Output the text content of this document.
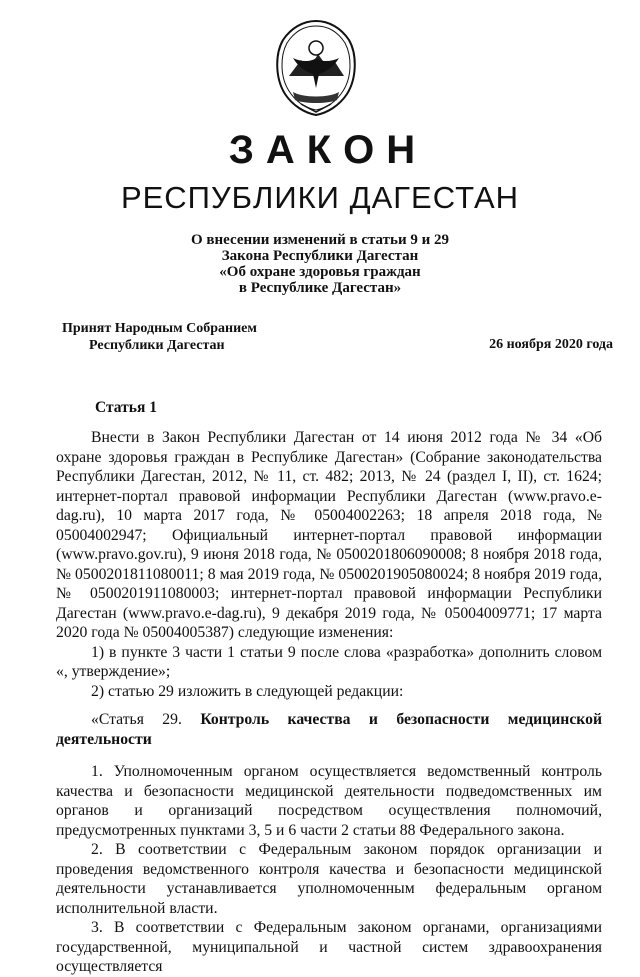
ЗАКОН
РЕСПУБЛИКИ ДАГЕСТАН
О внесении изменений в статьи 9 и 29
Закона Республики Дагестан
«Об охране здоровья граждан
в Республике Дагестан»
Принят Народным Собранием
Республики Дагестан	26 ноября 2020 года
Статья 1

Внести в Закон Республики Дагестан от 14 июня 2012 года № 34 «Об охране здоровья граждан в Республике Дагестан» (Собрание законодательства Республики Дагестан, 2012, № 11, ст. 482; 2013, № 24 (раздел I, II), ст. 1624; интернет-портал правовой информации Республики Дагестан (www.pravo.e-dag.ru), 10 марта 2017 года, № 05004002263; 18 апреля 2018 года, № 05004002947; Официальный интернет-портал правовой информации (www.pravo.gov.ru), 9 июня 2018 года, № 0500201806090008; 8 ноября 2018 года, № 0500201811080011; 8 мая 2019 года, № 0500201905080024; 8 ноября 2019 года, № 0500201911080003; интернет-портал правовой информации Республики Дагестан (www.pravo.e-dag.ru), 9 декабря 2019 года, № 05004009771; 17 марта 2020 года № 05004005387) следующие изменения:

1) в пункте 3 части 1 статьи 9 после слова «разработка» дополнить словом «, утверждение»;

2) статью 29 изложить в следующей редакции:

«Статья 29. Контроль качества и безопасности медицинской деятельности

1. Уполномоченным органом осуществляется ведомственный контроль качества и безопасности медицинской деятельности подведомственных им органов и организаций посредством осуществления полномочий, предусмотренных пунктами 3, 5 и 6 части 2 статьи 88 Федерального закона.

2. В соответствии с Федеральным законом порядок организации и проведения ведомственного контроля качества и безопасности медицинской деятельности устанавливается уполномоченным федеральным органом исполнительной власти.

3. В соответствии с Федеральным законом органами, организациями государственной, муниципальной и частной систем здравоохранения осуществляется
